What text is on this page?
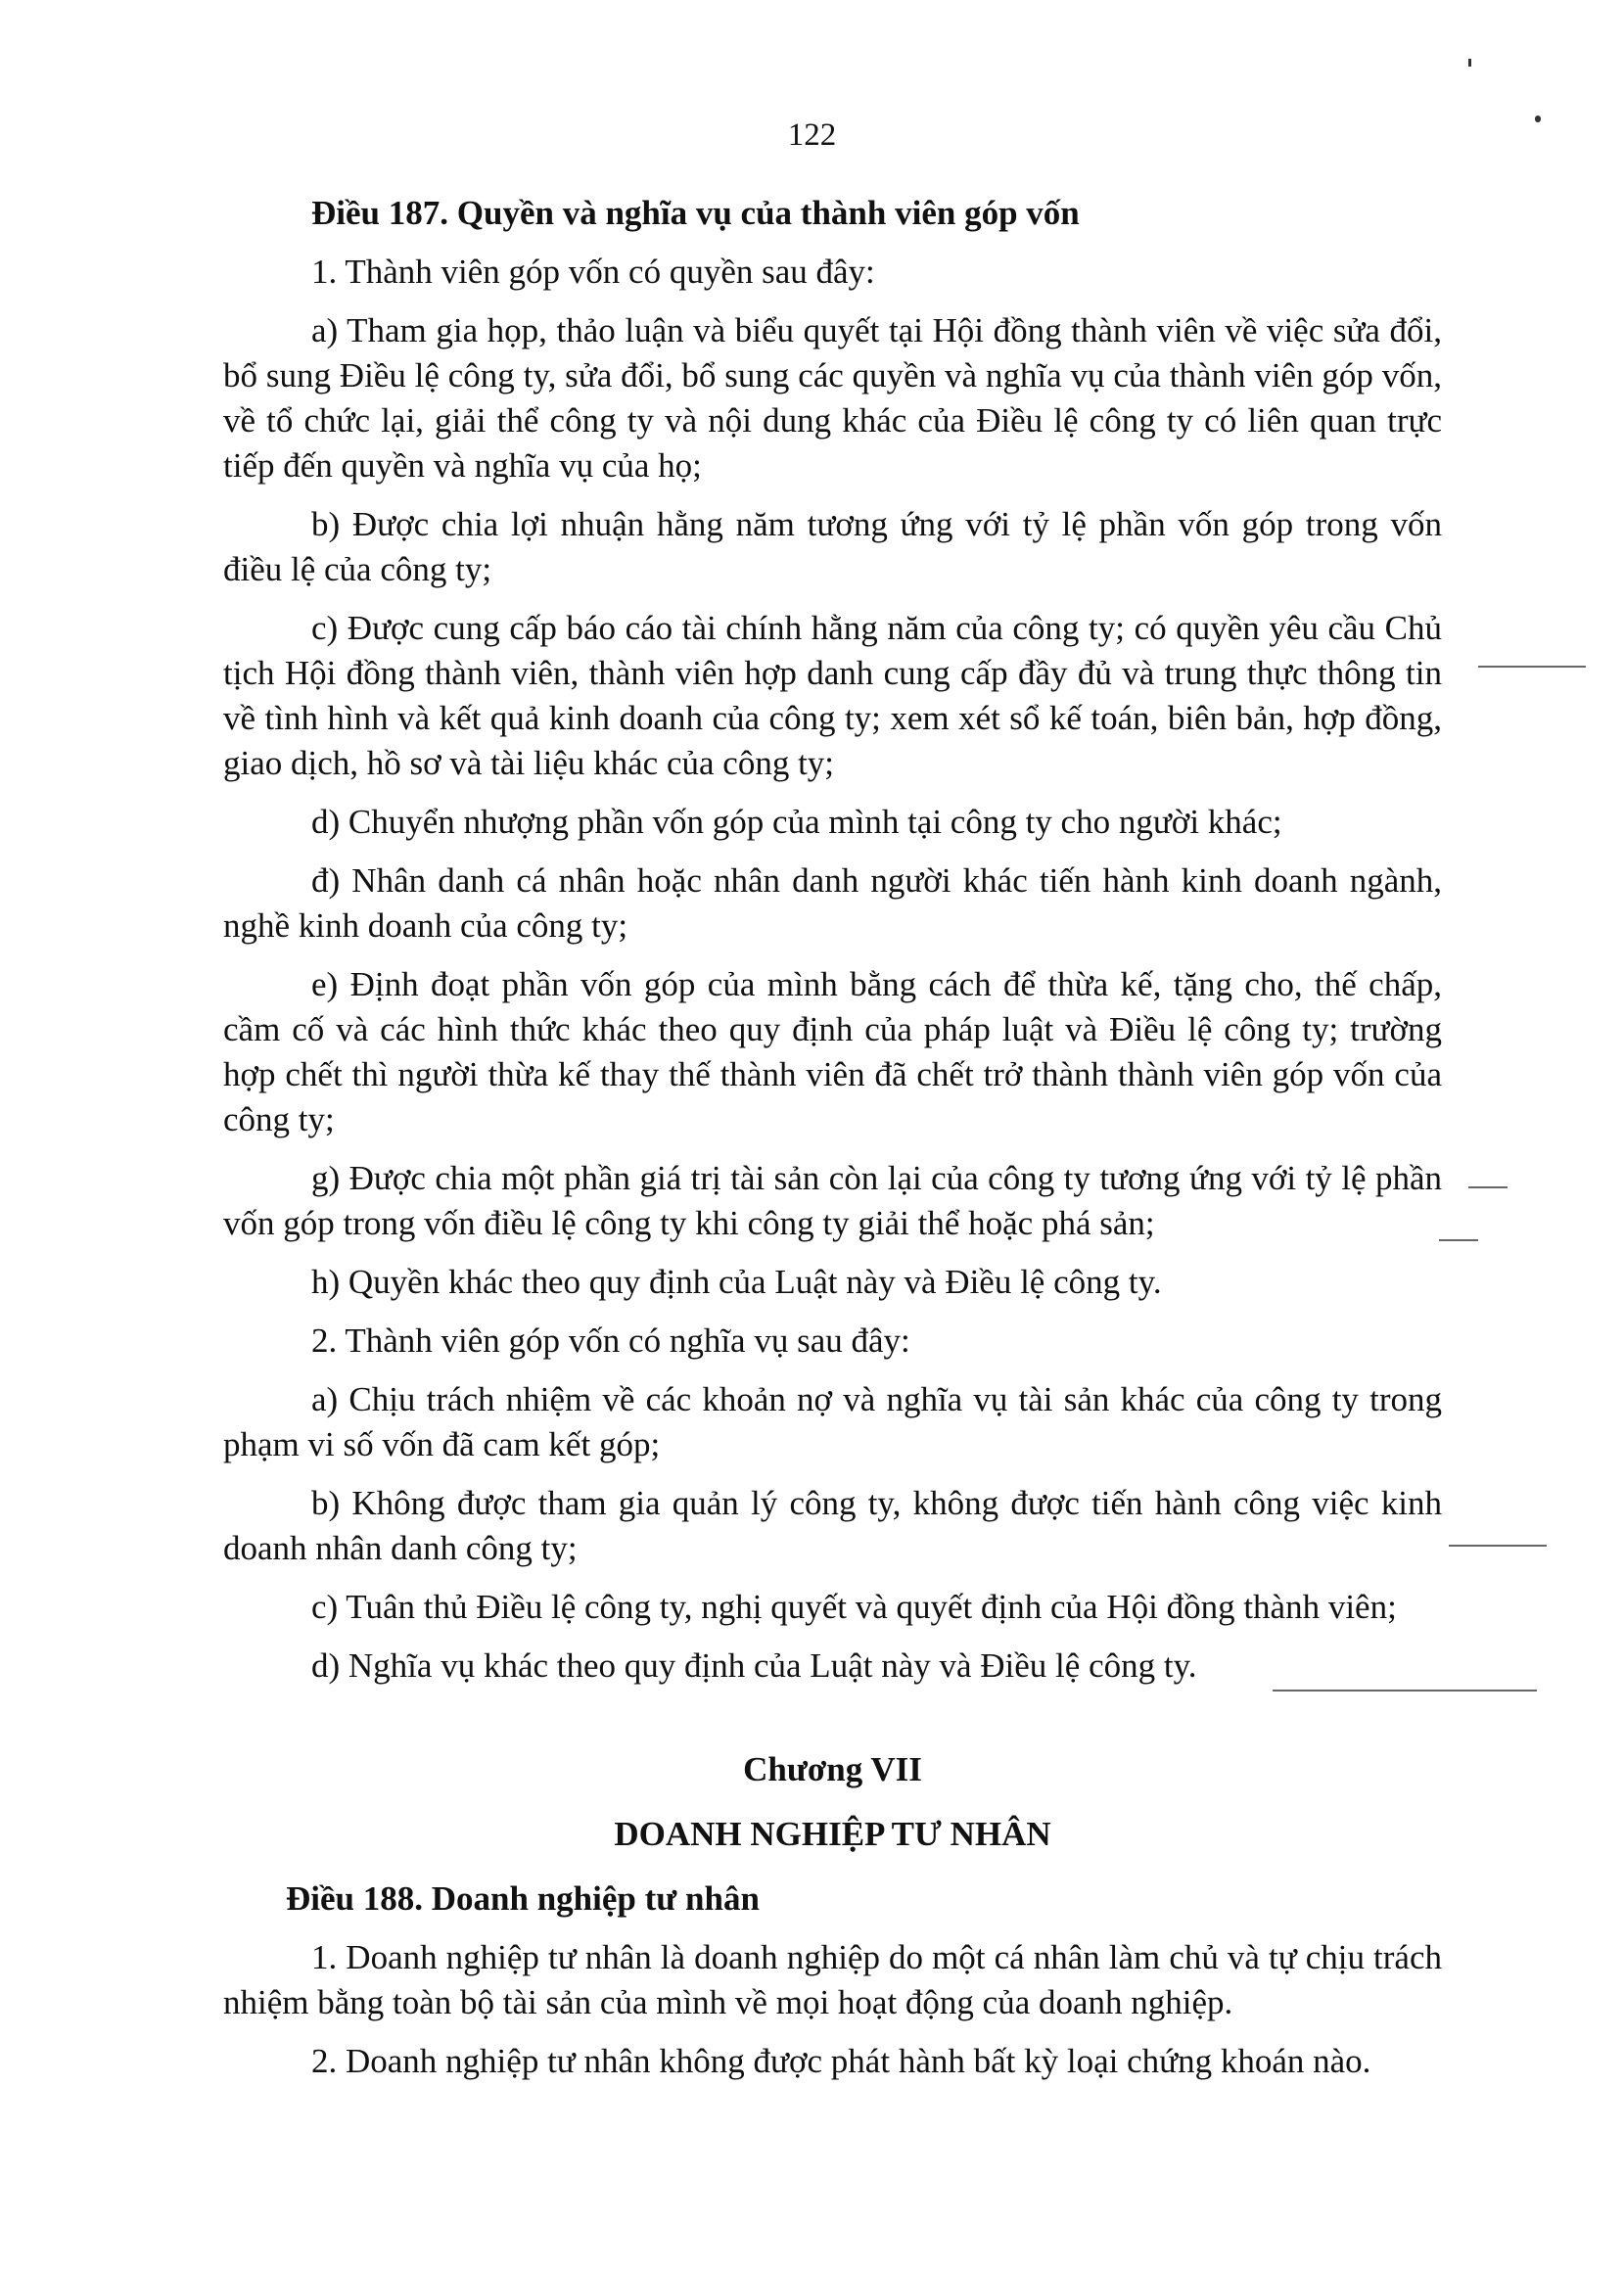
122
Điều 187. Quyền và nghĩa vụ của thành viên góp vốn

1. Thành viên góp vốn có quyền sau đây:

a) Tham gia họp, thảo luận và biểu quyết tại Hội đồng thành viên về việc sửa đổi, bổ sung Điều lệ công ty, sửa đổi, bổ sung các quyền và nghĩa vụ của thành viên góp vốn, về tổ chức lại, giải thể công ty và nội dung khác của Điều lệ công ty có liên quan trực tiếp đến quyền và nghĩa vụ của họ;

b) Được chia lợi nhuận hằng năm tương ứng với tỷ lệ phần vốn góp trong vốn điều lệ của công ty;

c) Được cung cấp báo cáo tài chính hằng năm của công ty; có quyền yêu cầu Chủ tịch Hội đồng thành viên, thành viên hợp danh cung cấp đầy đủ và trung thực thông tin về tình hình và kết quả kinh doanh của công ty; xem xét sổ kế toán, biên bản, hợp đồng, giao dịch, hồ sơ và tài liệu khác của công ty;

d) Chuyển nhượng phần vốn góp của mình tại công ty cho người khác;

đ) Nhân danh cá nhân hoặc nhân danh người khác tiến hành kinh doanh ngành, nghề kinh doanh của công ty;

e) Định đoạt phần vốn góp của mình bằng cách để thừa kế, tặng cho, thế chấp, cầm cố và các hình thức khác theo quy định của pháp luật và Điều lệ công ty; trường hợp chết thì người thừa kế thay thế thành viên đã chết trở thành thành viên góp vốn của công ty;

g) Được chia một phần giá trị tài sản còn lại của công ty tương ứng với tỷ lệ phần vốn góp trong vốn điều lệ công ty khi công ty giải thể hoặc phá sản;

h) Quyền khác theo quy định của Luật này và Điều lệ công ty.

2. Thành viên góp vốn có nghĩa vụ sau đây:

a) Chịu trách nhiệm về các khoản nợ và nghĩa vụ tài sản khác của công ty trong phạm vi số vốn đã cam kết góp;

b) Không được tham gia quản lý công ty, không được tiến hành công việc kinh doanh nhân danh công ty;

c) Tuân thủ Điều lệ công ty, nghị quyết và quyết định của Hội đồng thành viên;

d) Nghĩa vụ khác theo quy định của Luật này và Điều lệ công ty.

Chương VII
DOANH NGHIỆP TƯ NHÂN
Điều 188. Doanh nghiệp tư nhân

1. Doanh nghiệp tư nhân là doanh nghiệp do một cá nhân làm chủ và tự chịu trách nhiệm bằng toàn bộ tài sản của mình về mọi hoạt động của doanh nghiệp.

2. Doanh nghiệp tư nhân không được phát hành bất kỳ loại chứng khoán nào.
